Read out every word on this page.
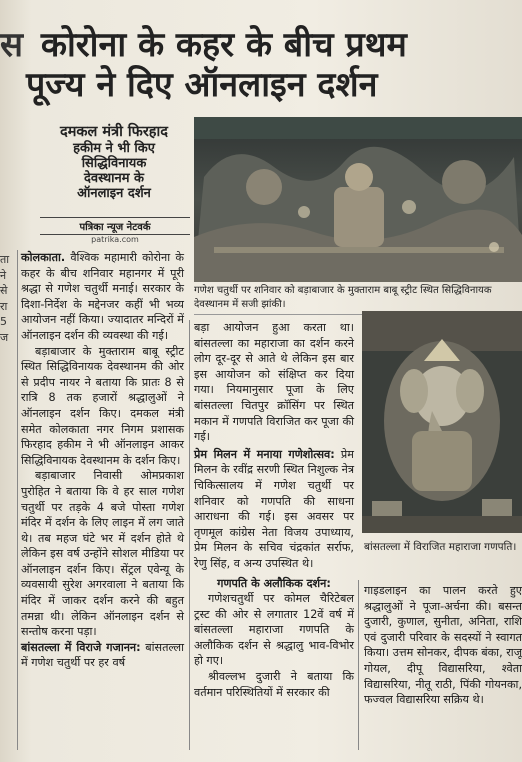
स कोरोना के कहर के बीच प्रथम
पूज्य ने दिए ऑनलाइन दर्शन
दमकल मंत्री फिरहाद
हकीम ने भी किए
सिद्धिविनायक
देवस्थानम के
ऑनलाइन दर्शन
पत्रिका न्यूज नेटवर्क
patrika.com
ता
ने
से
रा
5
ज

कोलकाता. वैश्विक महामारी कोरोना के कहर के बीच शनिवार महानगर में पूरी श्रद्धा से गणेश चतुर्थी मनाई। सरकार के दिशा-निर्देश के मद्देनजर कहीं भी भव्य आयोजन नहीं किया। ज्यादातर मन्दिरों में ऑनलाइन दर्शन की व्यवस्था की गई।

बड़ाबाजार के मुक्ताराम बाबू स्ट्रीट स्थित सिद्धिविनायक देवस्थानम की ओर से प्रदीप नायर ने बताया कि प्रातः 8 से रात्रि 8 तक हजारों श्रद्धालुओं ने ऑनलाइन दर्शन किए। दमकल मंत्री समेत कोलकाता नगर निगम प्रशासक फिरहाद हकीम ने भी ऑनलाइन आकर सिद्धिविनायक देवस्थानम के दर्शन किए।

बड़ाबाजार निवासी ओमप्रकाश पुरोहित ने बताया कि वे हर साल गणेश चतुर्थी पर तड़के 4 बजे पोस्ता गणेश मंदिर में दर्शन के लिए लाइन में लग जाते थे। तब महज घंटे भर में दर्शन होते थे लेकिन इस वर्ष उन्होंने सोशल मीडिया पर ऑनलाइन दर्शन किए। सेंट्रल एवेन्यू के व्यवसायी सुरेश अगरवाला ने बताया कि मंदिर में जाकर दर्शन करने की बहुत तमन्ना थी। लेकिन ऑनलाइन दर्शन से सन्तोष करना पड़ा।

बांसतल्ला में विराजे गजानन: बांसतल्ला में गणेश चतुर्थी पर हर वर्ष

गणेश चतुर्थी पर शनिवार को बड़ाबाजार के मुक्ताराम बाबू स्ट्रीट स्थित सिद्धिविनायक देवस्थानम में सजी झांकी।

बड़ा आयोजन हुआ करता था। बांसतल्ला का महाराजा का दर्शन करने लोग दूर-दूर से आते थे लेकिन इस बार इस आयोजन को संक्षिप्त कर दिया गया। नियमानुसार पूजा के लिए बांसतल्ला चितपुर क्रॉसिंग पर स्थित मकान में गणपति विराजित कर पूजा की गई।

प्रेम मिलन में मनाया गणेशोत्सव: प्रेम मिलन के रवींद्र सरणी स्थित निशुल्क नेत्र चिकित्सालय में गणेश चतुर्थी पर शनिवार को गणपति की साधना आराधना की गई। इस अवसर पर तृणमूल कांग्रेस नेता विजय उपाध्याय, प्रेम मिलन के सचिव चंद्रकांत सर्राफ, रेणु सिंह, व अन्य उपस्थित थे।

गणपति के अलौकिक दर्शन:

गणेशचतुर्थी पर कोमल चैरिटेबल ट्रस्ट की ओर से लगातार 12वें वर्ष में बांसतल्ला महाराजा गणपति के अलौकिक दर्शन से श्रद्धालु भाव-विभोर हो गए।

श्रीवल्लभ दुजारी ने बताया कि वर्तमान परिस्थितियों में सरकार की

बांसतल्ला में विराजित महाराजा गणपति।

गाइडलाइन का पालन करते हुए श्रद्धालुओं ने पूजा-अर्चना की। बसन्त दुजारी, कुणाल, सुनीता, अनिता, राशि एवं दुजारी परिवार के सदस्यों ने स्वागत किया। उत्तम सोनकर, दीपक बंका, राजू गोयल, दीपू विद्यासरिया, श्वेता विद्यासरिया, नीतू राठी, पिंकी गोयनका, फज्वल विद्यासरिया सक्रिय थे।
